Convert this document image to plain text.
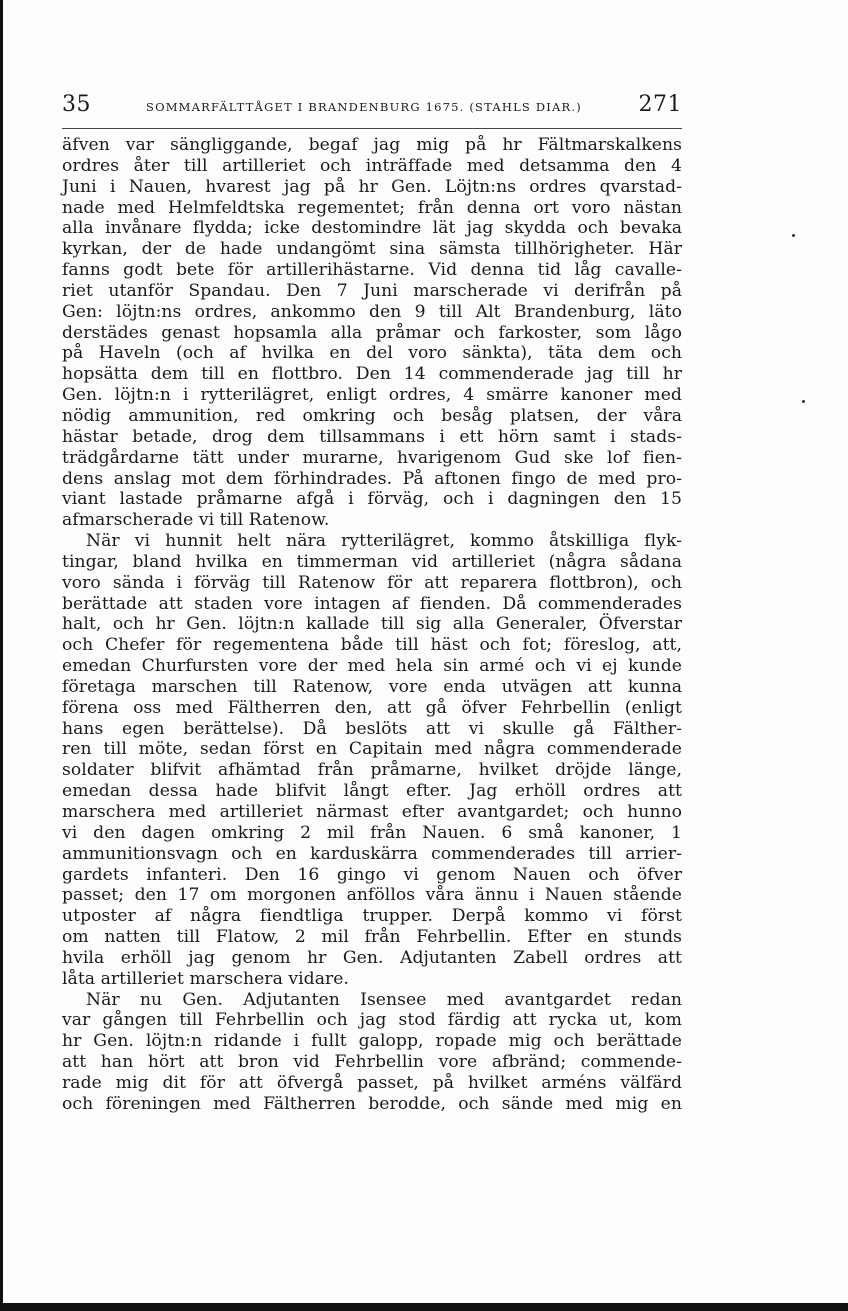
35	SOMMARFÄLTTÅGET I BRANDENBURG 1675. (STAHLS DIAR.)	271
äfven var sängliggande, begaf jag mig på hr Fältmarskalkens
ordres åter till artilleriet och inträffade med detsamma den 4
Juni i Nauen, hvarest jag på hr Gen. Löjtn:ns ordres qvarstad-
nade med Helmfeldtska regementet; från denna ort voro nästan
alla invånare flydda; icke destomindre lät jag skydda och bevaka
kyrkan, der de hade undangömt sina sämsta tillhörigheter. Här
fanns godt bete för artillerihästarne. Vid denna tid låg cavalle-
riet utanför Spandau. Den 7 Juni marscherade vi derifrån på
Gen: löjtn:ns ordres, ankommo den 9 till Alt Brandenburg, läto
derstädes genast hopsamla alla pråmar och farkoster, som lågo
på Haveln (och af hvilka en del voro sänkta), täta dem och
hopsätta dem till en flottbro. Den 14 commenderade jag till hr
Gen. löjtn:n i rytterilägret, enligt ordres, 4 smärre kanoner med
nödig ammunition, red omkring och besåg platsen, der våra
hästar betade, drog dem tillsammans i ett hörn samt i stads-
trädgårdarne tätt under murarne, hvarigenom Gud ske lof fien-
dens anslag mot dem förhindrades. På aftonen fingo de med pro-
viant lastade pråmarne afgå i förväg, och i dagningen den 15
afmarscherade vi till Ratenow.
När vi hunnit helt nära rytterilägret, kommo åtskilliga flyk-
tingar, bland hvilka en timmerman vid artilleriet (några sådana
voro sända i förväg till Ratenow för att reparera flottbron), och
berättade att staden vore intagen af fienden. Då commenderades
halt, och hr Gen. löjtn:n kallade till sig alla Generaler, Öfverstar
och Chefer för regementena både till häst och fot; föreslog, att,
emedan Churfursten vore der med hela sin armé och vi ej kunde
företaga marschen till Ratenow, vore enda utvägen att kunna
förena oss med Fältherren den, att gå öfver Fehrbellin (enligt
hans egen berättelse). Då beslöts att vi skulle gå Fälther-
ren till möte, sedan först en Capitain med några commenderade
soldater blifvit afhämtad från pråmarne, hvilket dröjde länge,
emedan dessa hade blifvit långt efter. Jag erhöll ordres att
marschera med artilleriet närmast efter avantgardet; och hunno
vi den dagen omkring 2 mil från Nauen. 6 små kanoner, 1
ammunitionsvagn och en karduskärra commenderades till arrier-
gardets infanteri. Den 16 gingo vi genom Nauen och öfver
passet; den 17 om morgonen anföllos våra ännu i Nauen stående
utposter af några fiendtliga trupper. Derpå kommo vi först
om natten till Flatow, 2 mil från Fehrbellin. Efter en stunds
hvila erhöll jag genom hr Gen. Adjutanten Zabell ordres att
låta artilleriet marschera vidare.
När nu Gen. Adjutanten Isensee med avantgardet redan
var gången till Fehrbellin och jag stod färdig att rycka ut, kom
hr Gen. löjtn:n ridande i fullt galopp, ropade mig och berättade
att han hört att bron vid Fehrbellin vore afbränd; commende-
rade mig dit för att öfvergå passet, på hvilket arméns välfärd
och föreningen med Fältherren berodde, och sände med mig en
